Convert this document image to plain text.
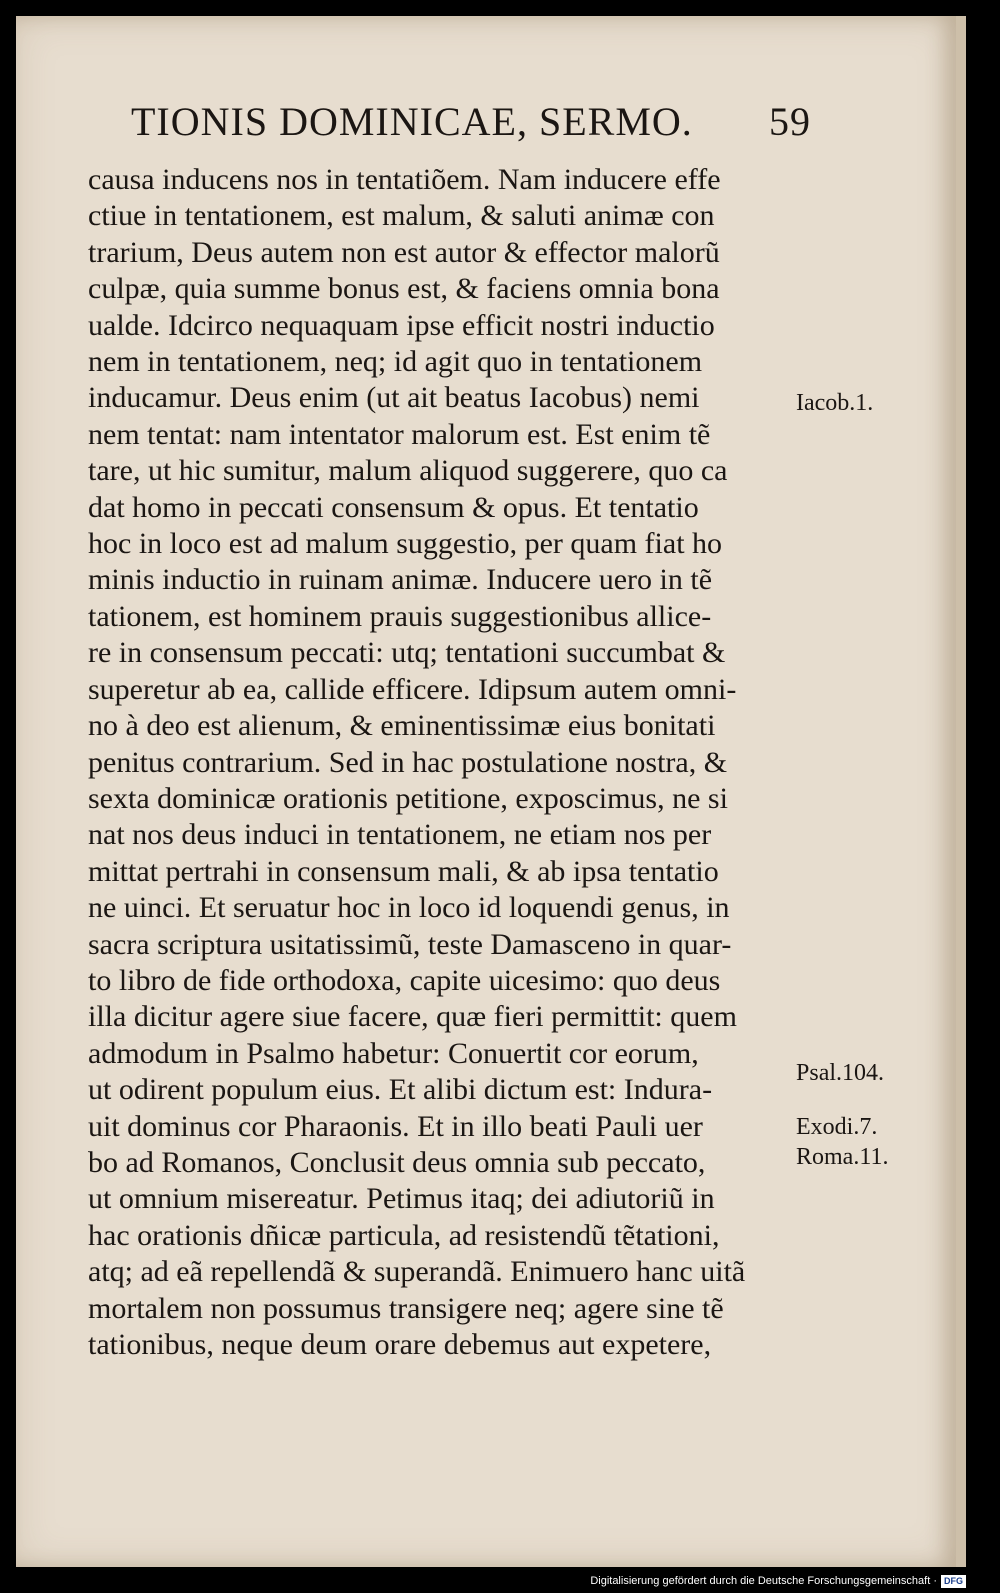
TIONIS DOMINICAE, SERMO. 59
causa inducens nos in tentatiõem. Nam inducere effe
ctiue in tentationem, est malum, & saluti animæ con
trarium, Deus autem non est autor & effector malorũ
culpæ, quia summe bonus est, & faciens omnia bona
ualde. Idcirco nequaquam ipse efficit nostri inductio
nem in tentationem, neq; id agit quo in tentationem
inducamur. Deus enim (ut ait beatus Iacobus) nemi
nem tentat: nam intentator malorum est. Est enim tẽ
tare, ut hic sumitur, malum aliquod suggerere, quo ca
dat homo in peccati consensum & opus. Et tentatio
hoc in loco est ad malum suggestio, per quam fiat ho
minis inductio in ruinam animæ. Inducere uero in tẽ
tationem, est hominem prauis suggestionibus allice-
re in consensum peccati: utq; tentationi succumbat &
superetur ab ea, callide efficere. Idipsum autem omni-
no à deo est alienum, & eminentissimæ eius bonitati
penitus contrarium. Sed in hac postulatione nostra, &
sexta dominicæ orationis petitione, exposcimus, ne si
nat nos deus induci in tentationem, ne etiam nos per
mittat pertrahi in consensum mali, & ab ipsa tentatio
ne uinci. Et seruatur hoc in loco id loquendi genus, in
sacra scriptura usitatissimũ, teste Damasceno in quar-
to libro de fide orthodoxa, capite uicesimo: quo deus
illa dicitur agere siue facere, quæ fieri permittit: quem
admodum in Psalmo habetur: Conuertit cor eorum,
ut odirent populum eius. Et alibi dictum est: Indura-
uit dominus cor Pharaonis. Et in illo beati Pauli uer
bo ad Romanos, Conclusit deus omnia sub peccato,
ut omnium misereatur. Petimus itaq; dei adiutoriũ in
hac orationis dñicæ particula, ad resistendũ tẽtationi,
atq; ad eã repellendã & superandã. Enimuero hanc uitã
mortalem non possumus transigere neq; agere sine tẽ
tationibus, neque deum orare debemus aut expetere,
Iacob.1.
Psal.104.
Exodi.7.
Roma.11.
Digitalisierung gefördert durch die Deutsche Forschungsgemeinschaft · DFG
